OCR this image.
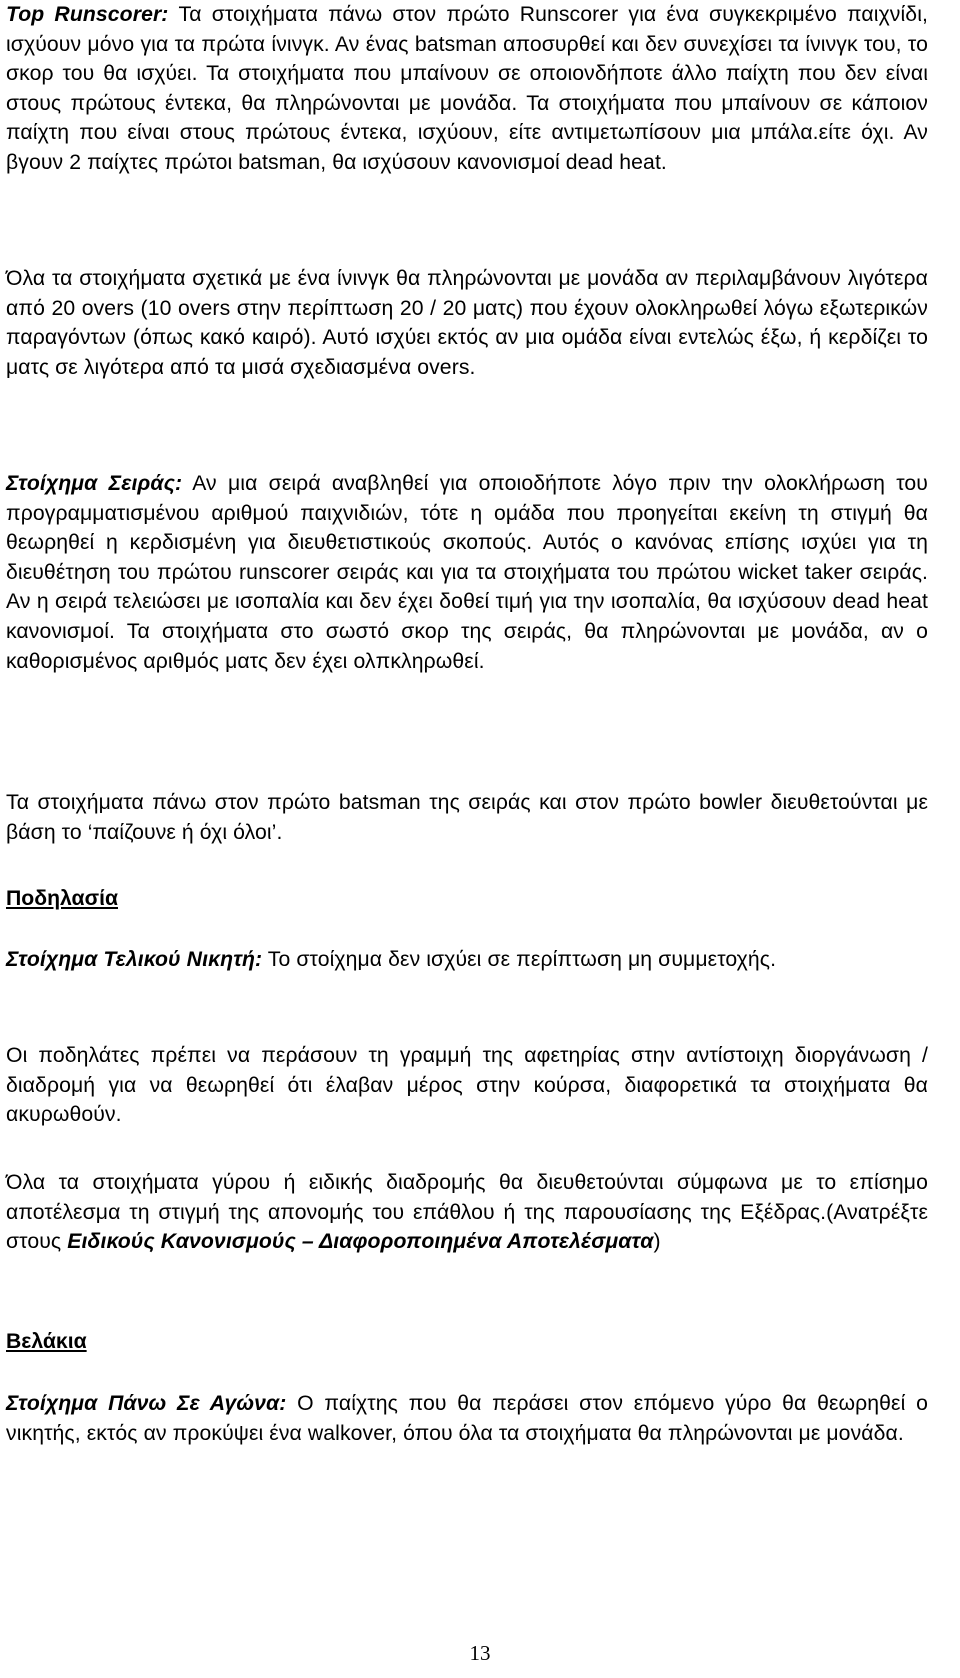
Top Runscorer: Τα στοιχήματα πάνω στον πρώτο Runscorer για ένα συγκεκριμένο παιχνίδι, ισχύουν μόνο για τα πρώτα ίνινγκ. Αν ένας batsman αποσυρθεί και δεν συνεχίσει τα ίνινγκ του, το σκορ του θα ισχύει. Τα στοιχήματα που μπαίνουν σε οποιονδήποτε άλλο παίχτη που δεν είναι στους πρώτους έντεκα, θα πληρώνονται με μονάδα. Τα στοιχήματα που μπαίνουν σε κάποιον παίχτη που είναι στους πρώτους έντεκα, ισχύουν, είτε αντιμετωπίσουν μια μπάλα.είτε όχι. Αν βγουν 2 παίχτες πρώτοι batsman, θα ισχύσουν κανονισμοί dead heat.

Όλα τα στοιχήματα σχετικά με ένα ίνινγκ θα πληρώνονται με μονάδα αν περιλαμβάνουν λιγότερα από 20 overs (10 overs στην περίπτωση 20 / 20 ματς) που έχουν ολοκληρωθεί λόγω εξωτερικών παραγόντων (όπως κακό καιρό). Αυτό ισχύει εκτός αν μια ομάδα είναι εντελώς έξω, ή κερδίζει το ματς σε λιγότερα από τα μισά σχεδιασμένα overs.

Στοίχημα Σειράς: Αν μια σειρά αναβληθεί για οποιοδήποτε λόγο πριν την ολοκλήρωση του προγραμματισμένου αριθμού παιχνιδιών, τότε η ομάδα που προηγείται εκείνη τη στιγμή θα θεωρηθεί η κερδισμένη για διευθετιστικούς σκοπούς. Αυτός ο κανόνας επίσης ισχύει για τη διευθέτηση του πρώτου runscorer σειράς και για τα στοιχήματα του πρώτου wicket taker σειράς. Αν η σειρά τελειώσει με ισοπαλία και δεν έχει δοθεί τιμή για την ισοπαλία, θα ισχύσουν dead heat κανονισμοί. Τα στοιχήματα στο σωστό σκορ της σειράς, θα πληρώνονται με μονάδα, αν ο καθορισμένος αριθμός ματς δεν έχει ολπκληρωθεί.

Τα στοιχήματα πάνω στον πρώτο batsman της σειράς και στον πρώτο bowler διευθετούνται με βάση το ‘παίζουνε ή όχι όλοι’.

Ποδηλασία

Στοίχημα Τελικού Νικητή: Το στοίχημα δεν ισχύει σε περίπτωση μη συμμετοχής.

Οι ποδηλάτες πρέπει να περάσουν τη γραμμή της αφετηρίας στην αντίστοιχη διοργάνωση / διαδρομή για να θεωρηθεί ότι έλαβαν μέρος στην κούρσα, διαφορετικά τα στοιχήματα θα ακυρωθούν.

Όλα τα στοιχήματα γύρου ή ειδικής διαδρομής θα διευθετούνται σύμφωνα με το επίσημο αποτέλεσμα τη στιγμή της απονομής του επάθλου ή της παρουσίασης της Εξέδρας.(Ανατρέξτε στους Ειδικούς Κανονισμούς – Διαφοροποιημένα Αποτελέσματα)

Βελάκια

Στοίχημα Πάνω Σε Αγώνα: Ο παίχτης που θα περάσει στον επόμενο γύρο θα θεωρηθεί ο νικητής, εκτός αν προκύψει ένα walkover, όπου όλα τα στοιχήματα θα πληρώνονται με μονάδα.

13
